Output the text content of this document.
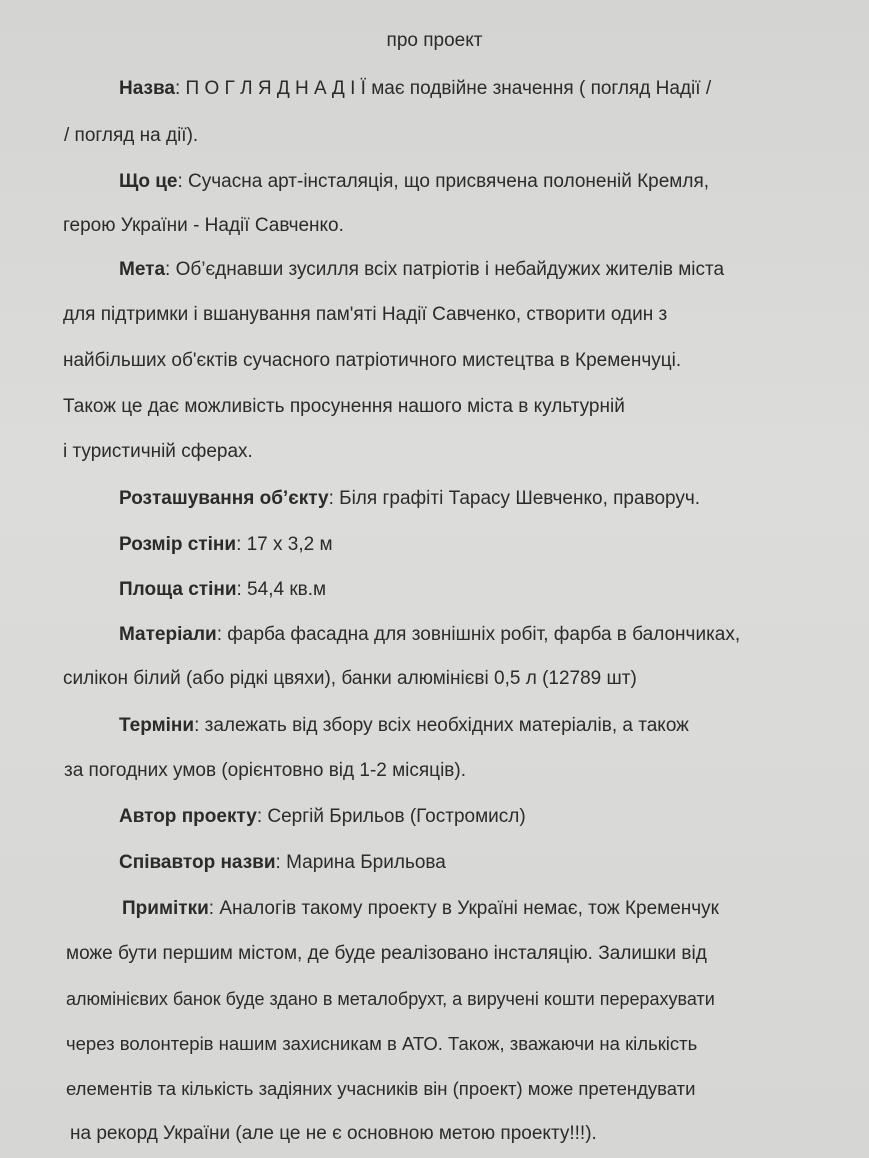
про проект
Назва: П О Г Л Я Д Н А Д І Ї має подвійне значення ( погляд Надії /
/ погляд на дії).
Що це: Сучасна арт-інсталяція, що присвячена полоненій Кремля,
герою України - Надії Савченко.
Мета: Об’єднавши зусилля всіх патріотів і небайдужих жителів міста
для підтримки і вшанування пам'яті Надії Савченко, створити один з
найбільших об'єктів сучасного патріотичного мистецтва в Кременчуці.
Також це дає можливість просунення нашого міста в культурній
і туристичній сферах.
Розташування об’єкту: Біля графіті Тарасу Шевченко, праворуч.
Розмір стіни: 17 х 3,2 м
Площа стіни: 54,4 кв.м
Матеріали: фарба фасадна для зовнішніх робіт, фарба в балончиках,
силікон білий (або рідкі цвяхи), банки алюмінієві 0,5 л (12789 шт)
Терміни: залежать від збору всіх необхідних матеріалів, а також
за погодних умов (орієнтовно від 1-2 місяців).
Автор проекту: Сергій Брильов (Гостромисл)
Співавтор назви: Марина Брильова
Примітки: Аналогів такому проекту в Україні немає, тож Кременчук
може бути першим містом, де буде реалізовано інсталяцію. Залишки від
алюмінієвих банок буде здано в металобрухт, а виручені кошти перерахувати
через волонтерів нашим захисникам в АТО. Також, зважаючи на кількість
елементів та кількість задіяних учасників він (проект) може претендувати
на рекорд України (але це не є основною метою проекту!!!).
